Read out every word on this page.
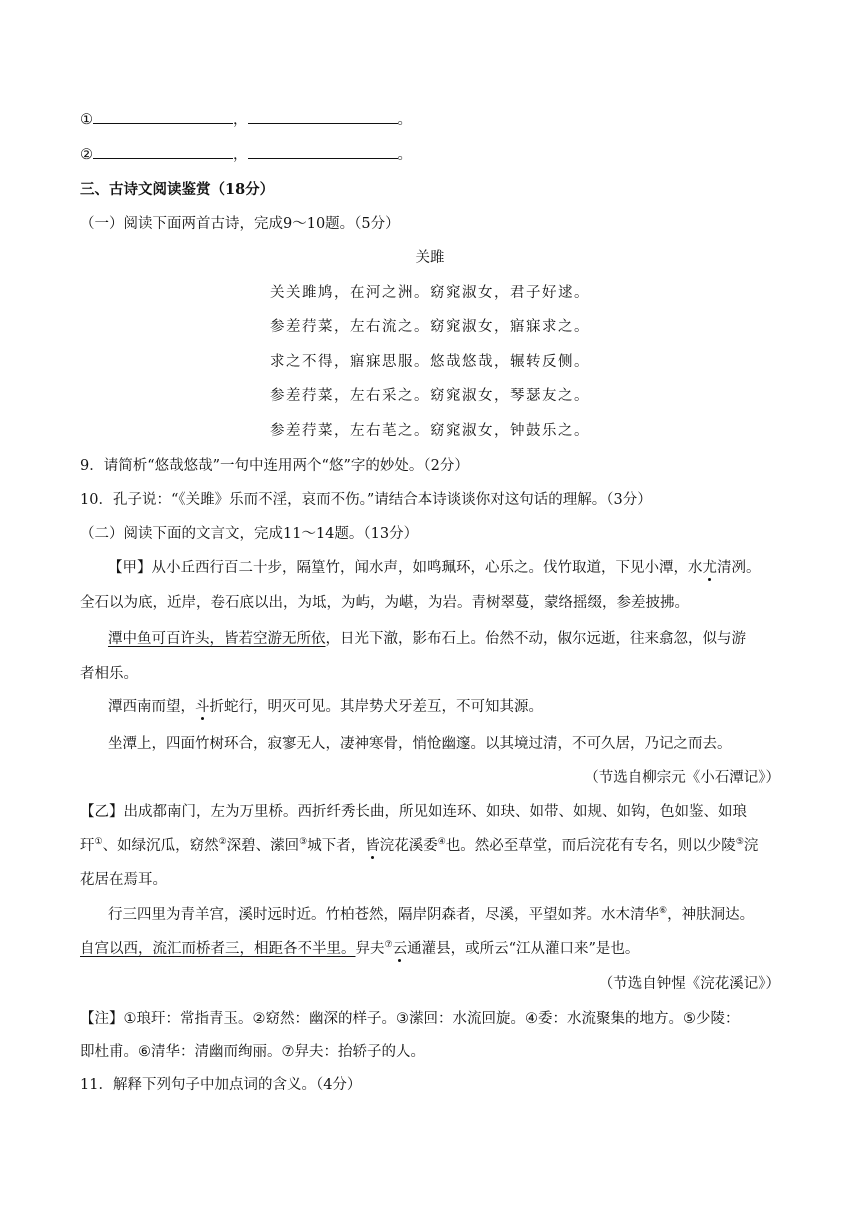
①	，	。
②	，	。
三、古诗文阅读鉴赏（18分）
（一）阅读下面两首古诗，完成9～10题。（5分）
关雎
关关雎鸠，在河之洲。窈窕淑女，君子好逑。
参差荇菜，左右流之。窈窕淑女，寤寐求之。
求之不得，寤寐思服。悠哉悠哉，辗转反侧。
参差荇菜，左右采之。窈窕淑女，琴瑟友之。
参差荇菜，左右芼之。窈窕淑女，钟鼓乐之。
9．请简析“悠哉悠哉”一句中连用两个“悠”字的妙处。（2分）
10．孔子说：“《关雎》乐而不淫，哀而不伤。”请结合本诗谈谈你对这句话的理解。（3分）
（二）阅读下面的文言文，完成11～14题。（13分）
【甲】从小丘西行百二十步，隔篁竹，闻水声，如鸣珮环，心乐之。伐竹取道，下见小潭，水尤清冽。
全石以为底，近岸，卷石底以出，为坻，为屿，为嵁，为岩。青树翠蔓，蒙络摇缀，参差披拂。
潭中鱼可百许头，皆若空游无所依，日光下澈，影布石上。佁然不动，俶尔远逝，往来翕忽，似与游
者相乐。
潭西南而望，斗折蛇行，明灭可见。其岸势犬牙差互，不可知其源。
坐潭上，四面竹树环合，寂寥无人，凄神寒骨，悄怆幽邃。以其境过清，不可久居，乃记之而去。
（节选自柳宗元《小石潭记》）
【乙】出成都南门，左为万里桥。西折纤秀长曲，所见如连环、如玦、如带、如规、如钩，色如鉴、如琅
玕①、如绿沉瓜，窈然②深碧、潆回③城下者，皆浣花溪委④也。然必至草堂，而后浣花有专名，则以少陵⑤浣
花居在焉耳。
行三四里为青羊宫，溪时远时近。竹柏苍然，隔岸阴森者，尽溪，平望如荠。水木清华⑥，神肤洞达。
自宫以西，流汇而桥者三，相距各不半里。舁夫⑦云通灌县，或所云“江从灌口来”是也。
（节选自钟惺《浣花溪记》）
【注】①琅玕：常指青玉。②窈然：幽深的样子。③潆回：水流回旋。④委：水流聚集的地方。⑤少陵：
即杜甫。⑥清华：清幽而绚丽。⑦舁夫：抬轿子的人。
11．解释下列句子中加点词的含义。（4分）
